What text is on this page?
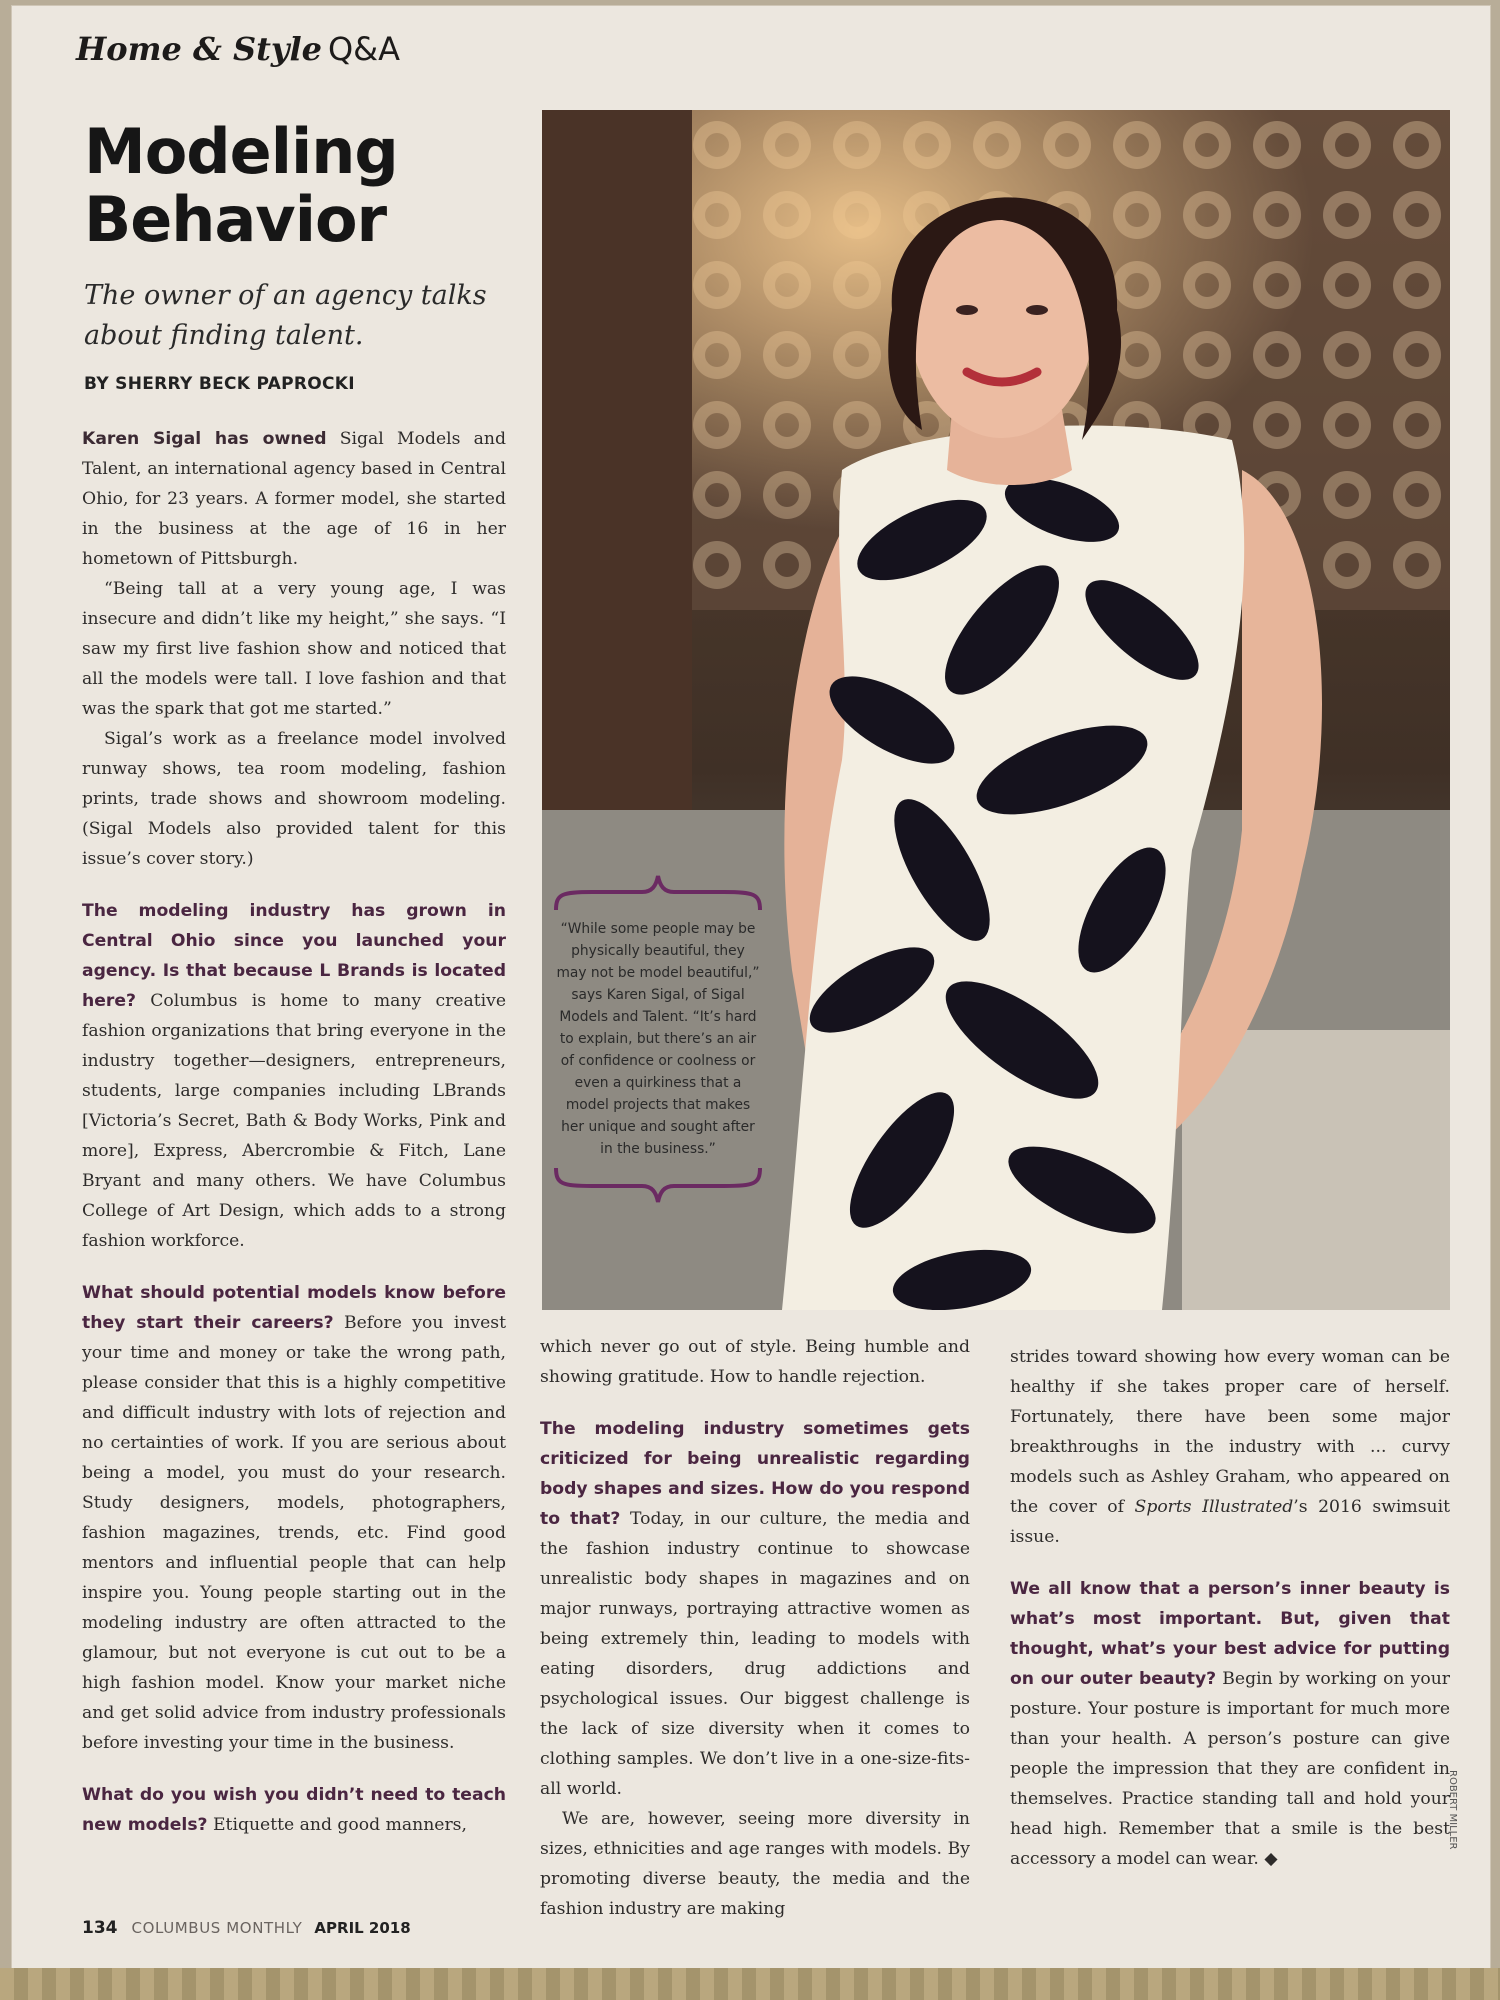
Home & Style Q&A
Modeling Behavior

The owner of an agency talks about finding talent.

BY SHERRY BECK PAPROCKI

Karen Sigal has owned Sigal Models and Talent, an international agency based in Central Ohio, for 23 years. A former model, she started in the business at the age of 16 in her hometown of Pittsburgh.

“Being tall at a very young age, I was insecure and didn’t like my height,” she says. “I saw my first live fashion show and noticed that all the models were tall. I love fashion and that was the spark that got me started.”

Sigal’s work as a freelance model involved runway shows, tea room modeling, fashion prints, trade shows and showroom modeling. (Sigal Models also provided talent for this issue’s cover story.)

The modeling industry has grown in Central Ohio since you launched your agency. Is that because L Brands is located here? Columbus is home to many creative fashion organizations that bring everyone in the industry together—designers, entrepreneurs, students, large companies including LBrands [Victoria’s Secret, Bath & Body Works, Pink and more], Express, Abercrombie & Fitch, Lane Bryant and many others. We have Columbus College of Art Design, which adds to a strong fashion workforce.

What should potential models know before they start their careers? Before you invest your time and money or take the wrong path, please consider that this is a highly competitive and difficult industry with lots of rejection and no certainties of work. If you are serious about being a model, you must do your research. Study designers, models, photographers, fashion magazines, trends, etc. Find good mentors and influential people that can help inspire you. Young people starting out in the modeling industry are often attracted to the glamour, but not everyone is cut out to be a high fashion model. Know your market niche and get solid advice from industry professionals before investing your time in the business.

What do you wish you didn’t need to teach new models? Etiquette and good manners,

“While some people may be physically beautiful, they may not be model beautiful,” says Karen Sigal, of Sigal Models and Talent. “It’s hard to explain, but there’s an air of confidence or coolness or even a quirkiness that a model projects that makes her unique and sought after in the business.”

which never go out of style. Being humble and showing gratitude. How to handle rejection.

The modeling industry sometimes gets criticized for being unrealistic regarding body shapes and sizes. How do you respond to that? Today, in our culture, the media and the fashion industry continue to showcase unrealistic body shapes in magazines and on major runways, portraying attractive women as being extremely thin, leading to models with eating disorders, drug addictions and psychological issues. Our biggest challenge is the lack of size diversity when it comes to clothing samples. We don’t live in a one-size-fits-all world.

We are, however, seeing more diversity in sizes, ethnicities and age ranges with models. By promoting diverse beauty, the media and the fashion industry are making

strides toward showing how every woman can be healthy if she takes proper care of herself. Fortunately, there have been some major breakthroughs in the industry with ... curvy models such as Ashley Graham, who appeared on the cover of Sports Illustrated’s 2016 swimsuit issue.

We all know that a person’s inner beauty is what’s most important. But, given that thought, what’s your best advice for putting on our outer beauty? Begin by working on your posture. Your posture is important for much more than your health. A person’s posture can give people the impression that they are confident in themselves. Practice standing tall and hold your head high. Remember that a smile is the best accessory a model can wear. ◆

ROBERT MILLER
134 COLUMBUS MONTHLY APRIL 2018
